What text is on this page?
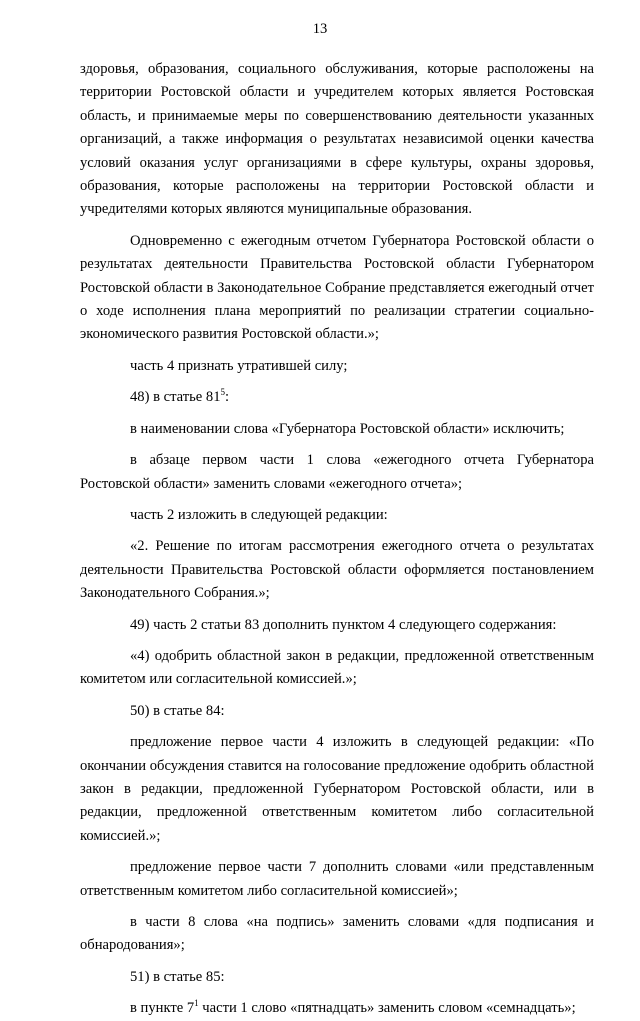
13

здоровья, образования, социального обслуживания, которые расположены на территории Ростовской области и учредителем которых является Ростовская область, и принимаемые меры по совершенствованию деятельности указанных организаций, а также информация о результатах независимой оценки качества условий оказания услуг организациями в сфере культуры, охраны здоровья, образования, которые расположены на территории Ростовской области и учредителями которых являются муниципальные образования.

Одновременно с ежегодным отчетом Губернатора Ростовской области о результатах деятельности Правительства Ростовской области Губернатором Ростовской области в Законодательное Собрание представляется ежегодный отчет о ходе исполнения плана мероприятий по реализации стратегии социально-экономического развития Ростовской области.»;

часть 4 признать утратившей силу;

48) в статье $81^5$:

в наименовании слова «Губернатора Ростовской области» исключить;

в абзаце первом части 1 слова «ежегодного отчета Губернатора Ростовской области» заменить словами «ежегодного отчета»;

часть 2 изложить в следующей редакции:

«2. Решение по итогам рассмотрения ежегодного отчета о результатах деятельности Правительства Ростовской области оформляется постановлением Законодательного Собрания.»;

49) часть 2 статьи 83 дополнить пунктом 4 следующего содержания:

«4) одобрить областной закон в редакции, предложенной ответственным комитетом или согласительной комиссией.»;

50) в статье 84:

предложение первое части 4 изложить в следующей редакции: «По окончании обсуждения ставится на голосование предложение одобрить областной закон в редакции, предложенной Губернатором Ростовской области, или в редакции, предложенной ответственным комитетом либо согласительной комиссией.»;

предложение первое части 7 дополнить словами «или представленным ответственным комитетом либо согласительной комиссией»;

в части 8 слова «на подпись» заменить словами «для подписания и обнародования»;

51) в статье 85:

в пункте $7^1$ части 1 слово «пятнадцать» заменить словом «семнадцать»;
